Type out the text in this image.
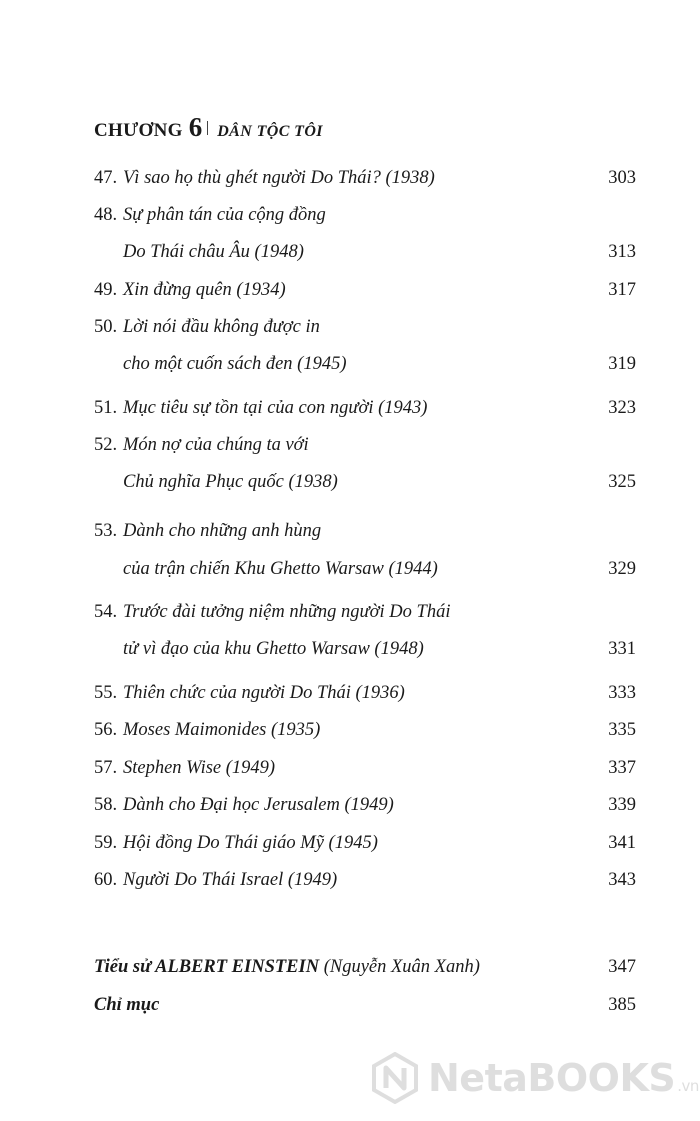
CHƯƠNG 6 DÂN TỘC TÔI
47. Vì sao họ thù ghét người Do Thái? (1938)	303
48. Sự phân tán của cộng đồng
Do Thái châu Âu (1948)	313
49. Xin đừng quên (1934)	317
50. Lời nói đầu không được in
cho một cuốn sách đen (1945)	319
51. Mục tiêu sự tồn tại của con người (1943)	323
52. Món nợ của chúng ta với
Chủ nghĩa Phục quốc (1938)	325
53. Dành cho những anh hùng
của trận chiến Khu Ghetto Warsaw (1944)	329
54. Trước đài tưởng niệm những người Do Thái
tử vì đạo của khu Ghetto Warsaw (1948)	331
55. Thiên chức của người Do Thái (1936)	333
56. Moses Maimonides (1935)	335
57. Stephen Wise (1949)	337
58. Dành cho Đại học Jerusalem (1949)	339
59. Hội đồng Do Thái giáo Mỹ (1945)	341
60. Người Do Thái Israel (1949)	343
Tiểu sử ALBERT EINSTEIN (Nguyễn Xuân Xanh)	347
Chỉ mục	385
NetaBOOKS .vn
